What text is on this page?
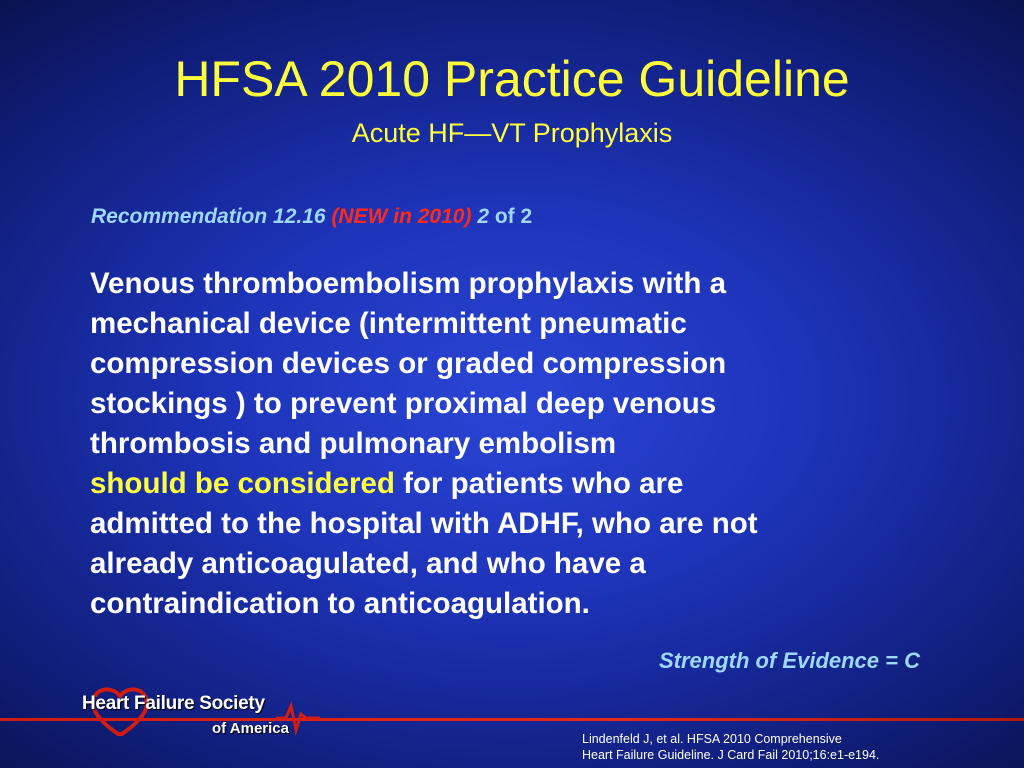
HFSA 2010 Practice Guideline
Acute HF—VT Prophylaxis
Recommendation 12.16 (NEW in 2010) 2 of 2
Venous thromboembolism prophylaxis with a
mechanical device (intermittent pneumatic
compression devices or graded compression
stockings ) to prevent proximal deep venous
thrombosis and pulmonary embolism
should be considered for patients who are
admitted to the hospital with ADHF, who are not
already anticoagulated, and who have a
contraindication to anticoagulation.
Strength of Evidence = C
Heart Failure Society
of America
Lindenfeld J, et al. HFSA 2010 Comprehensive
Heart Failure Guideline. J Card Fail 2010;16:e1-e194.
